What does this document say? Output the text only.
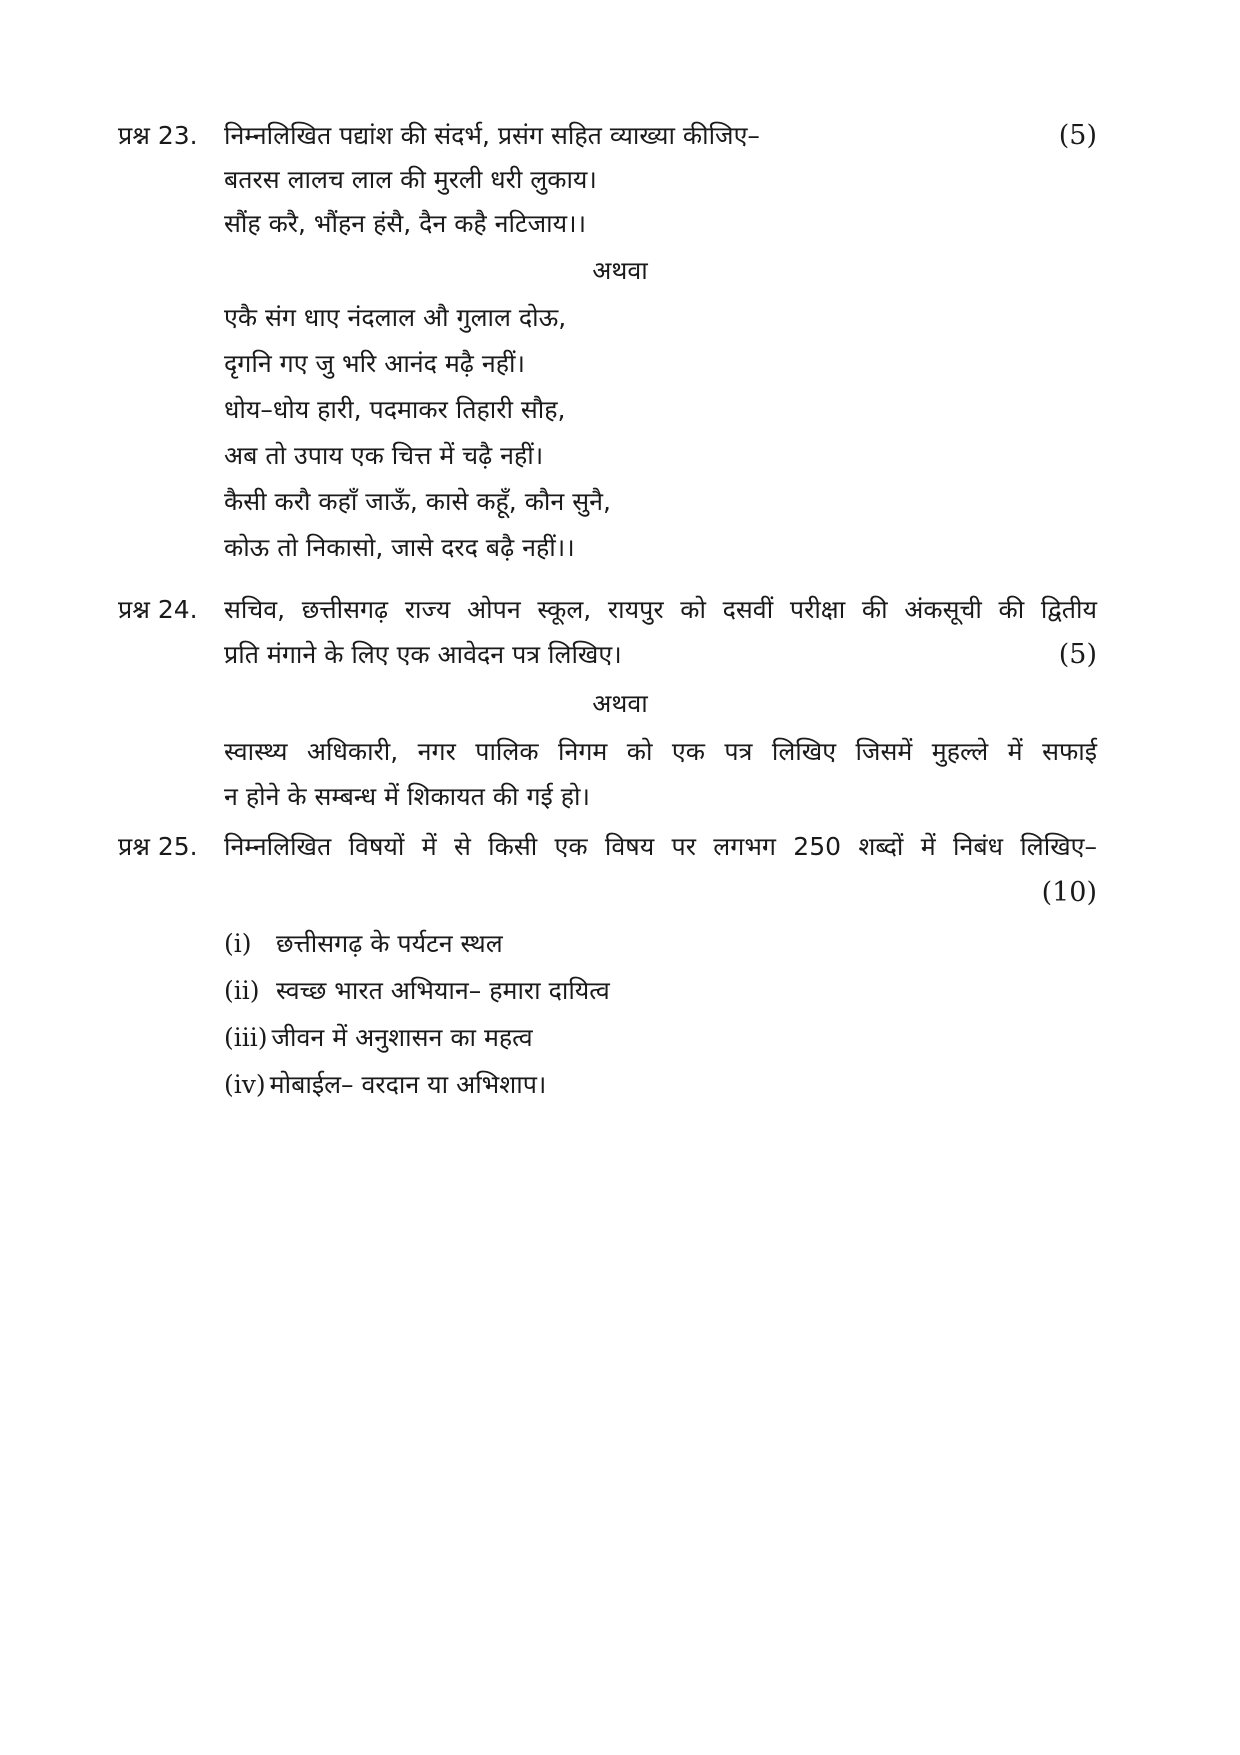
प्रश्न 23. निम्नलिखित पद्यांश की संदर्भ, प्रसंग सहित व्याख्या कीजिए–	(5)
बतरस लालच लाल की मुरली धरी लुकाय।
सौंह करै, भौंहन हंसै, दैन कहै नटिजाय।।
अथवा
एकै संग धाए नंदलाल औ गुलाल दोऊ,
दृगनि गए जु भरि आनंद मढ़ै नहीं।
धोय–धोय हारी, पदमाकर तिहारी सौह,
अब तो उपाय एक चित्त में चढ़ै नहीं।
कैसी करौ कहाँ जाऊँ, कासे कहूँ, कौन सुनै,
कोऊ तो निकासो, जासे दरद बढ़ै नहीं।।
प्रश्न 24. सचिव, छत्तीसगढ़ राज्य ओपन स्कूल, रायपुर को दसवीं परीक्षा की अंकसूची की द्वितीय
प्रति मंगाने के लिए एक आवेदन पत्र लिखिए।	(5)
अथवा
स्वास्थ्य अधिकारी, नगर पालिक निगम को एक पत्र लिखिए जिसमें मुहल्ले में सफाई
न होने के सम्बन्ध में शिकायत की गई हो।
प्रश्न 25. निम्नलिखित विषयों में से किसी एक विषय पर लगभग 250 शब्दों में निबंध लिखिए–
(10)
(i) छत्तीसगढ़ के पर्यटन स्थल
(ii) स्वच्छ भारत अभियान– हमारा दायित्व
(iii) जीवन में अनुशासन का महत्व
(iv) मोबाईल– वरदान या अभिशाप।
